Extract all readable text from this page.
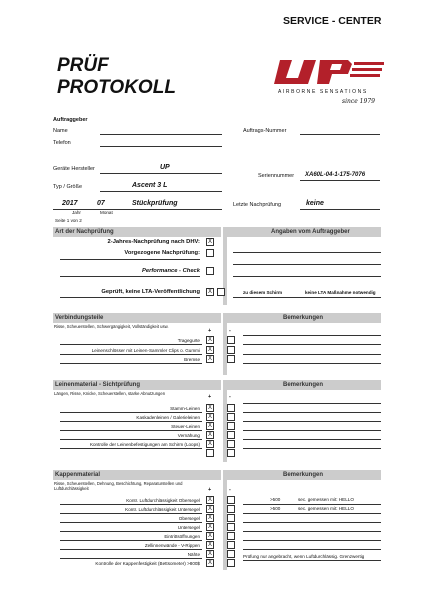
SERVICE - CENTER
PRÜF
PROTOKOLL	AIRBORNE SENSATIONS
since 1979
Auftraggeber
Name
Telefon
Auftrags-Nummer
Geräte Hersteller	UP
Seriennummer XA60L-04-1-175-7076
Typ / Größe	Ascent 3 L
2017	07	Stückprüfung
Jahr	Monat
Letzte Nachprüfung	keine
Seite 1 von 2
Art der Nachprüfung	Angaben vom Auftraggeber
2-Jahres-Nachprüfung nach DHV:	X
Vorgezogene Nachprüfung:
Performance - Check
Geprüft, keine LTA-Veröffentlichung	X	zu diesem Schirm	keine LTA Maßnahme notwendig
Verbindungsteile	Bemerkungen
Risse, Scheuerstellen, Schwergängigkeit, Vollständigkeit usw.
+	-
Tragegurte	X
Leinenschlösser mit Leinen-Sammler Clips o. Gummi	X
Bremse	X
Leinenmaterial - Sichtprüfung	Bemerkungen
Längen, Risse, Knicke, Scheuerstellen, starke Abnutzungen
+	-
Stamm-Leinen	X
Kaskadenleinen / Galerieleinen	X
Steuer-Leinen	X
Vernähung	X
Kontrolle der Leinenbefestigungen am Schirm (Loops)	X
Kappenmaterial	Bemerkungen
Risse, Scheuerstellen, Dehnung, Beschichtung, Reparaturstellen und Luftdurchlässigkeit	+	-
Kontr. Luftdurchlässigkeit Obersegel	X	>500	sec. gemessen mit: HELLO
Kontr. Luftdurchlässigkeit Untersegel	X	>500	sec. gemessen mit: HELLO
Obersegel	X
Untersegel	X
Eintrittsöffnungen	X
Zellinnenwände - V-Rippen	X
Nähte	X
Kontrolle der Kappenfestigkeit (Bettsometer) >800$	X
Prüfung nur angebracht, wenn Luftdurchlässig. Grenzwertig
